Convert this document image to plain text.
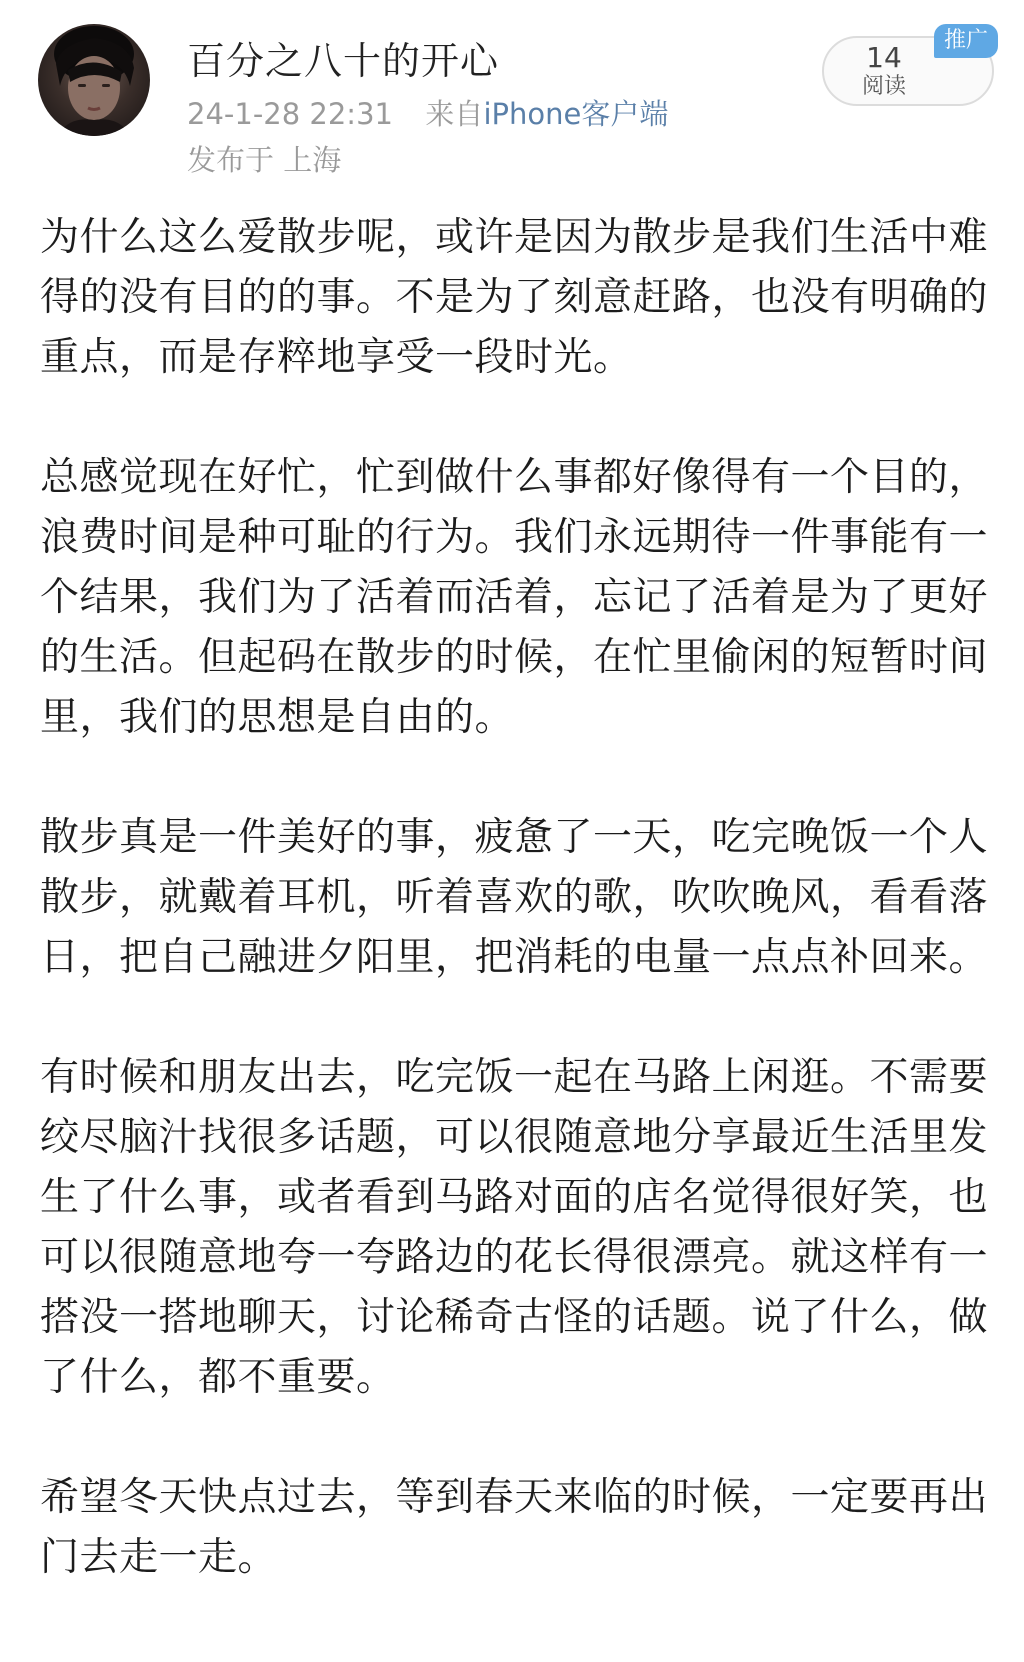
百分之八十的开心
24-1-28 22:31 来自iPhone客户端
发布于 上海
14
阅读
推广

为什么这么爱散步呢，或许是因为散步是我们生活中难得的没有目的的事。不是为了刻意赶路，也没有明确的重点，而是存粹地享受一段时光。

总感觉现在好忙，忙到做什么事都好像得有一个目的，浪费时间是种可耻的行为。我们永远期待一件事能有一个结果，我们为了活着而活着，忘记了活着是为了更好的生活。但起码在散步的时候，在忙里偷闲的短暂时间里，我们的思想是自由的。

散步真是一件美好的事，疲惫了一天，吃完晚饭一个人散步，就戴着耳机，听着喜欢的歌，吹吹晚风，看看落日，把自己融进夕阳里，把消耗的电量一点点补回来。

有时候和朋友出去，吃完饭一起在马路上闲逛。不需要绞尽脑汁找很多话题，可以很随意地分享最近生活里发生了什么事，或者看到马路对面的店名觉得很好笑，也可以很随意地夸一夸路边的花长得很漂亮。就这样有一搭没一搭地聊天，讨论稀奇古怪的话题。说了什么，做了什么，都不重要。

希望冬天快点过去，等到春天来临的时候，一定要再出门去走一走。
